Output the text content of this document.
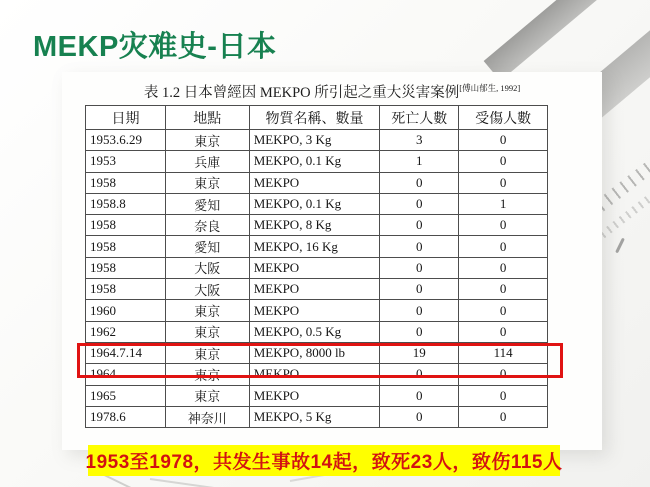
MEKP灾难史-日本
表 1.2 日本曾經因 MEKPO 所引起之重大災害案例[傅山郁生, 1992]
日期	地點	物質名稱、數量	死亡人數	受傷人數
1953.6.29	東京	MEKPO, 3 Kg	3	0
1953	兵庫	MEKPO, 0.1 Kg	1	0
1958	東京	MEKPO	0	0
1958.8	愛知	MEKPO, 0.1 Kg	0	1
1958	奈良	MEKPO, 8 Kg	0	0
1958	愛知	MEKPO, 16 Kg	0	0
1958	大阪	MEKPO	0	0
1958	大阪	MEKPO	0	0
1960	東京	MEKPO	0	0
1962	東京	MEKPO, 0.5 Kg	0	0
1964.7.14	東京	MEKPO, 8000 lb	19	114
1964	東京	MEKPO	0	0
1965	東京	MEKPO	0	0
1978.6	神奈川	MEKPO, 5 Kg	0	0
1953至1978，共发生事故14起，致死23人，致伤115人
